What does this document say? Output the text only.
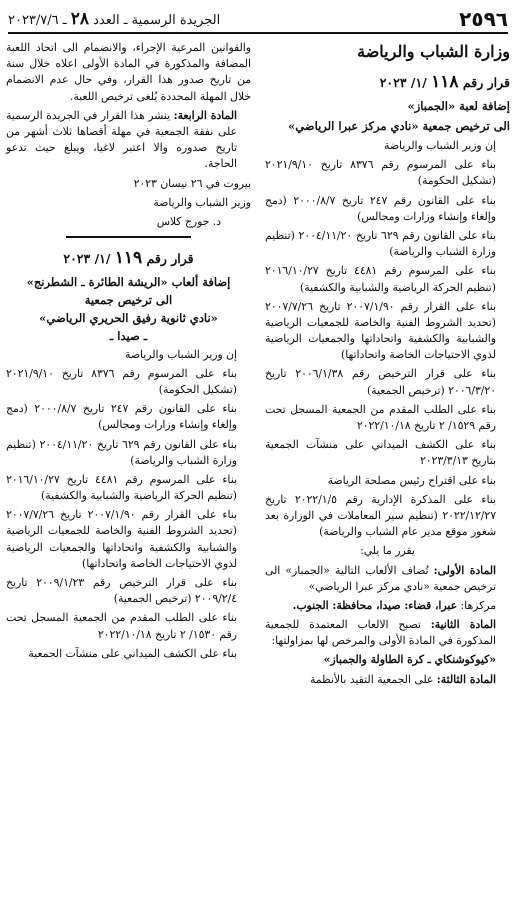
٢٥٩٦
الجريدة الرسمية ـ العدد ٢٨ ـ ٢٠٢٣/٧/٦
وزارة الشباب والرياضة
قرار رقم ١١٨ /١/ ٢٠٢٣
إضافة لعبة «الجمباز»
الى ترخيص جمعية «نادي مركز عبرا الرياضي»

إن وزير الشباب والرياضة

بناء على المرسوم رقم ٨٣٧٦ تاريخ ٢٠٢١/٩/١٠ (تشكيل الحكومة)

بناء على القانون رقم ٢٤٧ تاريخ ٢٠٠٠/٨/٧ (دمج وإلغاء وإنشاء وزارات ومجالس)

بناء على القانون رقم ٦٢٩ تاريخ ٢٠٠٤/١١/٢٠ (تنظيم وزارة الشباب والرياضة)

بناء على المرسوم رقم ٤٤٨١ تاريخ ٢٠١٦/١٠/٢٧ (تنظيم الحركة الرياضية والشبابية والكشفية)

بناء على القرار رقم ٢٠٠٧/١/٩٠ تاريخ ٢٠٠٧/٧/٢٦ (تحديد الشروط الفنية والخاصة للجمعيات الرياضية والشبابية والكشفية واتحاداتها والجمعيات الرياضية لذوي الاحتياجات الخاصة واتحاداتها)

بناء على قرار الترخيص رقم ٢٠٠٦/١/٣٨ تاريخ ٢٠٠٦/٣/٢٠ (ترخيص الجمعية)

بناء على الطلب المقدم من الجمعية المسجل تحت رقم ١٥٢٩/ ٢ تاريخ ٢٠٢٢/١٠/١٨

بناء على الكشف الميداني على منشآت الجمعية بتاريخ ٢٠٢٣/٣/١٣

بناء على اقتراح رئيس مصلحة الرياضة

بناء على المذكرة الإدارية رقم ٢٠٢٢/١/٥ تاريخ ٢٠٢٢/١٢/٢٧ (تنظيم سير المعاملات في الوزارة بعد شغور موقع مدير عام الشباب والرياضة)

يقرر ما يلي:

المادة الأولى: تُضاف الألعاب التالية «الجمباز» الى ترخيص جمعية «نادي مركز عبرا الرياضي»

مركزها: عبرا، قضاء: صيدا، محافظة: الجنوب.

المادة الثانية: تصبح الالعاب المعتمدة للجمعية المذكورة في المادة الأولى والمرخص لها بمزاولتها:

«كيوكوشنكاي ـ كرة الطاولة والجمباز»

المادة الثالثة: على الجمعية التقيد بالأنظمة

والقوانين المرعية الإجراء، والانضمام الى اتحاد اللعبة المضافة والمذكورة في المادة الأولى اعلاه خلال سنة من تاريخ صدور هذا القرار، وفي حال عدم الانضمام خلال المهلة المحددة يُلغى ترخيص اللعبة.

المادة الرابعة: ينشر هذا القرار في الجريدة الرسمية على نفقة الجمعية في مهلة أقصاها ثلاث أشهر من تاريخ صدوره والا اعتبر لاغيا، ويبلغ حيث تدعو الحاجة.

بيروت في ٢٦ نيسان ٢٠٢٣

وزير الشباب والرياضة

د. جورج كلاس

قرار رقم ١١٩ /١/ ٢٠٢٣
إضافة ألعاب «الريشة الطائرة ـ الشطرنج»
الى ترخيص جمعية
«نادي ثانوية رفيق الحريري الرياضي»
ـ صيدا ـ

إن وزير الشباب والرياضة

بناء على المرسوم رقم ٨٣٧٦ تاريخ ٢٠٢١/٩/١٠ (تشكيل الحكومة)

بناء على القانون رقم ٢٤٧ تاريخ ٢٠٠٠/٨/٧ (دمج وإلغاء وإنشاء وزارات ومجالس)

بناء على القانون رقم ٦٢٩ تاريخ ٢٠٠٤/١١/٢٠ (تنظيم وزارة الشباب والرياضة)

بناء على المرسوم رقم ٤٤٨١ تاريخ ٢٠١٦/١٠/٢٧ (تنظيم الحركة الرياضية والشبابية والكشفية)

بناء على القرار رقم ٢٠٠٧/١/٩٠ تاريخ ٢٠٠٧/٧/٢٦ (تحديد الشروط الفنية والخاصة للجمعيات الرياضية والشبابية والكشفية واتحاداتها والجمعيات الرياضية لذوي الاحتياجات الخاصة واتحاداتها)

بناء على قرار الترخيص رقم ٢٠٠٩/١/٢٣ تاريخ ٢٠٠٩/٢/٤ (ترخيص الجمعية)

بناء على الطلب المقدم من الجمعية المسجل تحت رقم ١٥٣٠/ ٢ تاريخ ٢٠٢٢/١٠/١٨

بناء على الكشف الميداني على منشآت الجمعية
